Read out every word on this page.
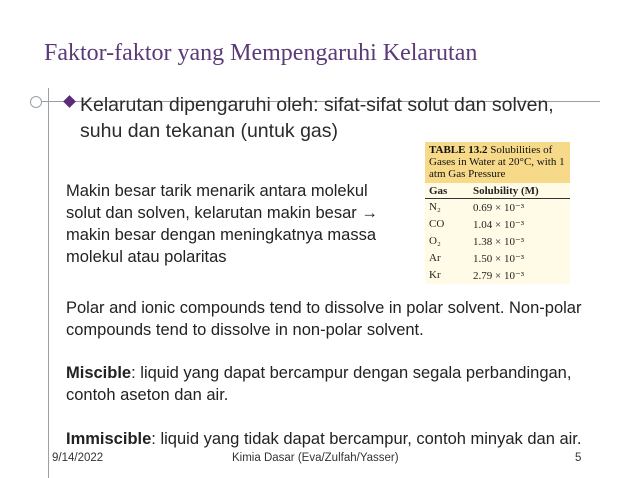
Faktor-faktor yang Mempengaruhi Kelarutan
Kelarutan dipengaruhi oleh: sifat-sifat solut dan solven, suhu dan tekanan (untuk gas)
Makin besar tarik menarik antara molekul solut dan solven, kelarutan makin besar → makin besar dengan meningkatnya massa molekul atau polaritas
TABLE 13.2 Solubilities of Gases in Water at 20°C, with 1 atm Gas Pressure
Gas	Solubility (M)
N₂	0.69 × 10⁻³
CO	1.04 × 10⁻³
O₂	1.38 × 10⁻³
Ar	1.50 × 10⁻³
Kr	2.79 × 10⁻³
Polar and ionic compounds tend to dissolve in polar solvent. Non-polar compounds tend to dissolve in non-polar solvent.
Miscible: liquid yang dapat bercampur dengan segala perbandingan, contoh aseton dan air.
Immiscible: liquid yang tidak dapat bercampur, contoh minyak dan air.
9/14/2022	Kimia Dasar (Eva/Zulfah/Yasser)	5
